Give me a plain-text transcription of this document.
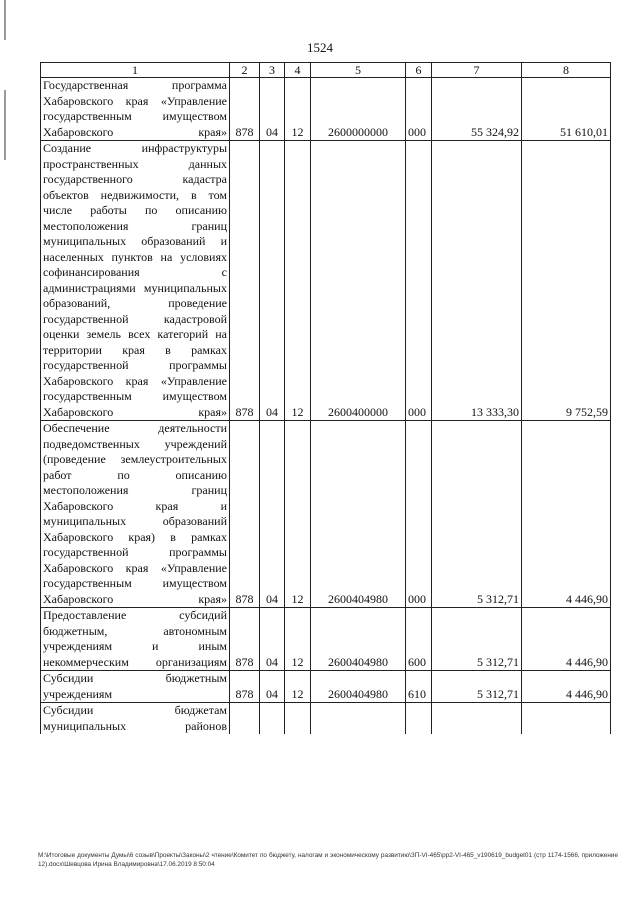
1524
1	2	3	4	5	6	7	8
Государственная программа Хабаровского края «Управление государственным имуществом Хабаровского края»	878	04	12	2600000000	000	55 324,92	51 610,01
Создание инфраструктуры пространственных данных государственного кадастра объектов недвижимости, в том числе работы по описанию местоположения границ муниципальных образований и населенных пунктов на условиях софинансирования с администрациями муниципальных образований, проведение государственной кадастровой оценки земель всех категорий на территории края в рамках государственной программы Хабаровского края «Управление государственным имуществом Хабаровского края»	878	04	12	2600400000	000	13 333,30	9 752,59
Обеспечение деятельности подведомственных учреждений (проведение землеустроительных работ по описанию местоположения границ Хабаровского края и муниципальных образований Хабаровского края) в рамках государственной программы Хабаровского края «Управление государственным имуществом Хабаровского края»	878	04	12	2600404980	000	5 312,71	4 446,90
Предоставление субсидий бюджетным, автономным учреждениям и иным некоммерческим организациям	878	04	12	2600404980	600	5 312,71	4 446,90
Субсидии бюджетным учреждениям	878	04	12	2600404980	610	5 312,71	4 446,90
Субсидии бюджетам муниципальных районов							
M:\Итоговые документы Думы\6 созыв\Проекты\Законы\2 чтение\Комитет по бюджету, налогам и экономическому развитию\ЗП-VI-465\рр2-VI-465_v190619_budget01 (стр 1174-1566, приложение 12).docx\Шевцова Ирина Владимировна\17.06.2019 8:50:04
